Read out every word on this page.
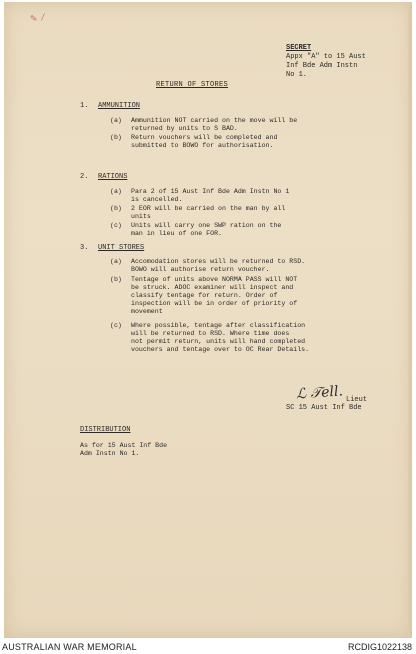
✎ ⁄
SECRET
Appx "A" to 15 Aust
Inf Bde Adm Instn
No 1.
RETURN OF STORES
1. AMMUNITION
(a) Ammunition NOT carried on the move will be
returned by units to S BAD.
(b) Return vouchers will be completed and
submitted to BOWO for authorisation.
2. RATIONS
(a) Para 2 of 15 Aust Inf Bde Adm Instn No 1
is cancelled.
(b) 2 EOR will be carried on the man by all
units
(c) Units will carry one SWP ration on the
man in lieu of one FOR.
3. UNIT STORES
(a) Accomodation stores will be returned to RSD.
BOWO will authorise return voucher.
(b) Tentage of units above NORMA PASS will NOT
be struck. ADOC examiner will inspect and
classify tentage for return. Order of
inspection will be in order of priority of
movement
(c) Where possible, tentage after classification
will be returned to RSD. Where time does
not permit return, units will hand completed
vouchers and tentage over to OC Rear Details.
ℒ 𝒯ell. Lieut
SC 15 Aust Inf Bde
DISTRIBUTION
As for 15 Aust Inf Bde
Adm Instn No 1.
AUSTRALIAN WAR MEMORIAL	RCDIG1022138
